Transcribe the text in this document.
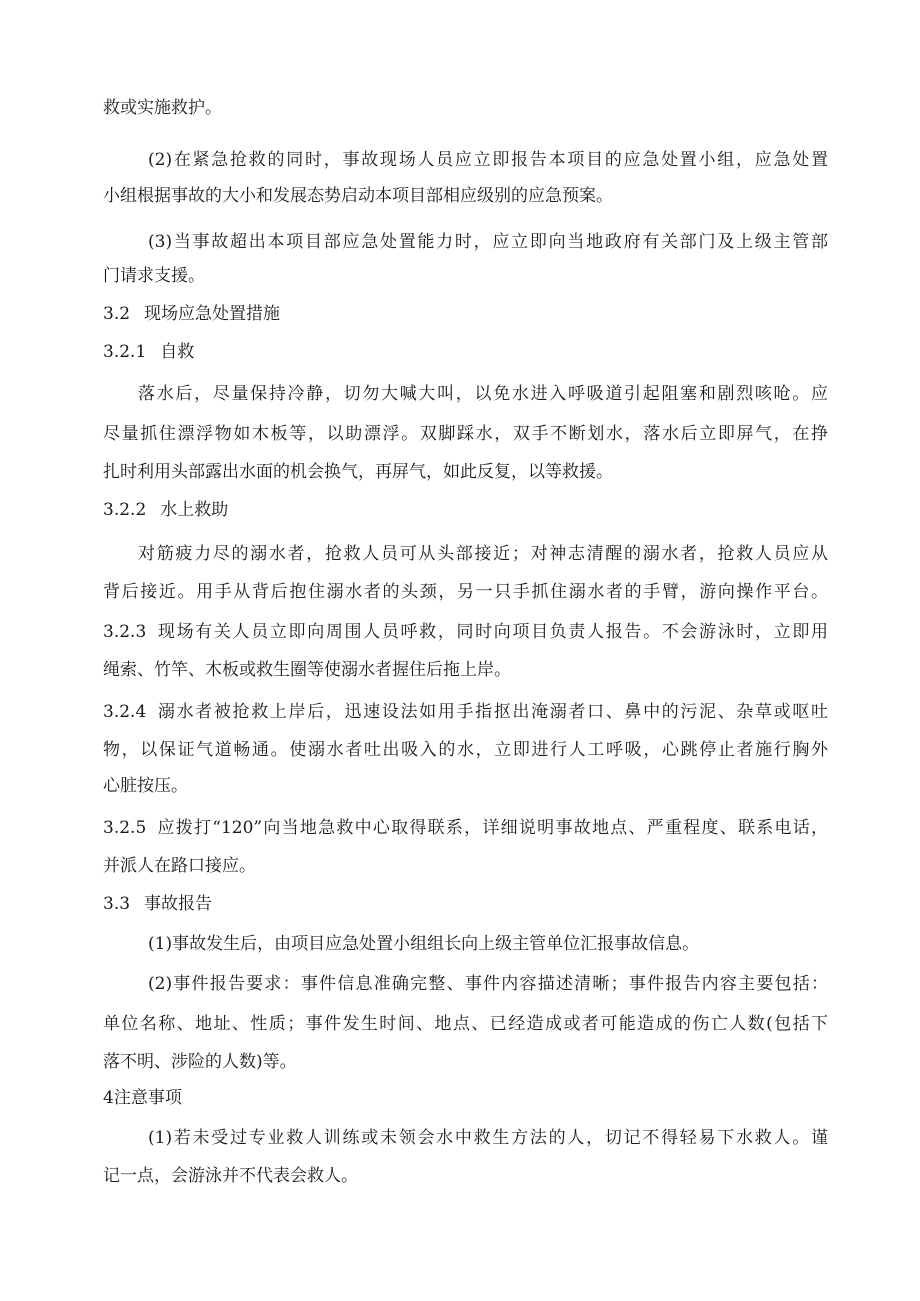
救或实施救护。
(2)在紧急抢救的同时，事故现场人员应立即报告本项目的应急处置小组，应急处置
小组根据事故的大小和发展态势启动本项目部相应级别的应急预案。
(3)当事故超出本项目部应急处置能力时，应立即向当地政府有关部门及上级主管部
门请求支援。
3.2 现场应急处置措施
3.2.1 自救
落水后，尽量保持冷静，切勿大喊大叫，以免水进入呼吸道引起阻塞和剧烈咳呛。应
尽量抓住漂浮物如木板等，以助漂浮。双脚踩水，双手不断划水，落水后立即屏气，在挣
扎时利用头部露出水面的机会换气，再屏气，如此反复，以等救援。
3.2.2 水上救助
对筋疲力尽的溺水者，抢救人员可从头部接近；对神志清醒的溺水者，抢救人员应从
背后接近。用手从背后抱住溺水者的头颈，另一只手抓住溺水者的手臂，游向操作平台。
3.2.3 现场有关人员立即向周围人员呼救，同时向项目负责人报告。不会游泳时，立即用
绳索、竹竿、木板或救生圈等使溺水者握住后拖上岸。
3.2.4 溺水者被抢救上岸后，迅速设法如用手指抠出淹溺者口、鼻中的污泥、杂草或呕吐
物，以保证气道畅通。使溺水者吐出吸入的水，立即进行人工呼吸，心跳停止者施行胸外
心脏按压。
3.2.5 应拨打“120”向当地急救中心取得联系，详细说明事故地点、严重程度、联系电话，
并派人在路口接应。
3.3 事故报告
(1)事故发生后，由项目应急处置小组组长向上级主管单位汇报事故信息。
(2)事件报告要求：事件信息准确完整、事件内容描述清晰；事件报告内容主要包括：
单位名称、地址、性质；事件发生时间、地点、已经造成或者可能造成的伤亡人数(包括下
落不明、涉险的人数)等。
4注意事项
(1)若未受过专业救人训练或未领会水中救生方法的人，切记不得轻易下水救人。谨
记一点，会游泳并不代表会救人。
